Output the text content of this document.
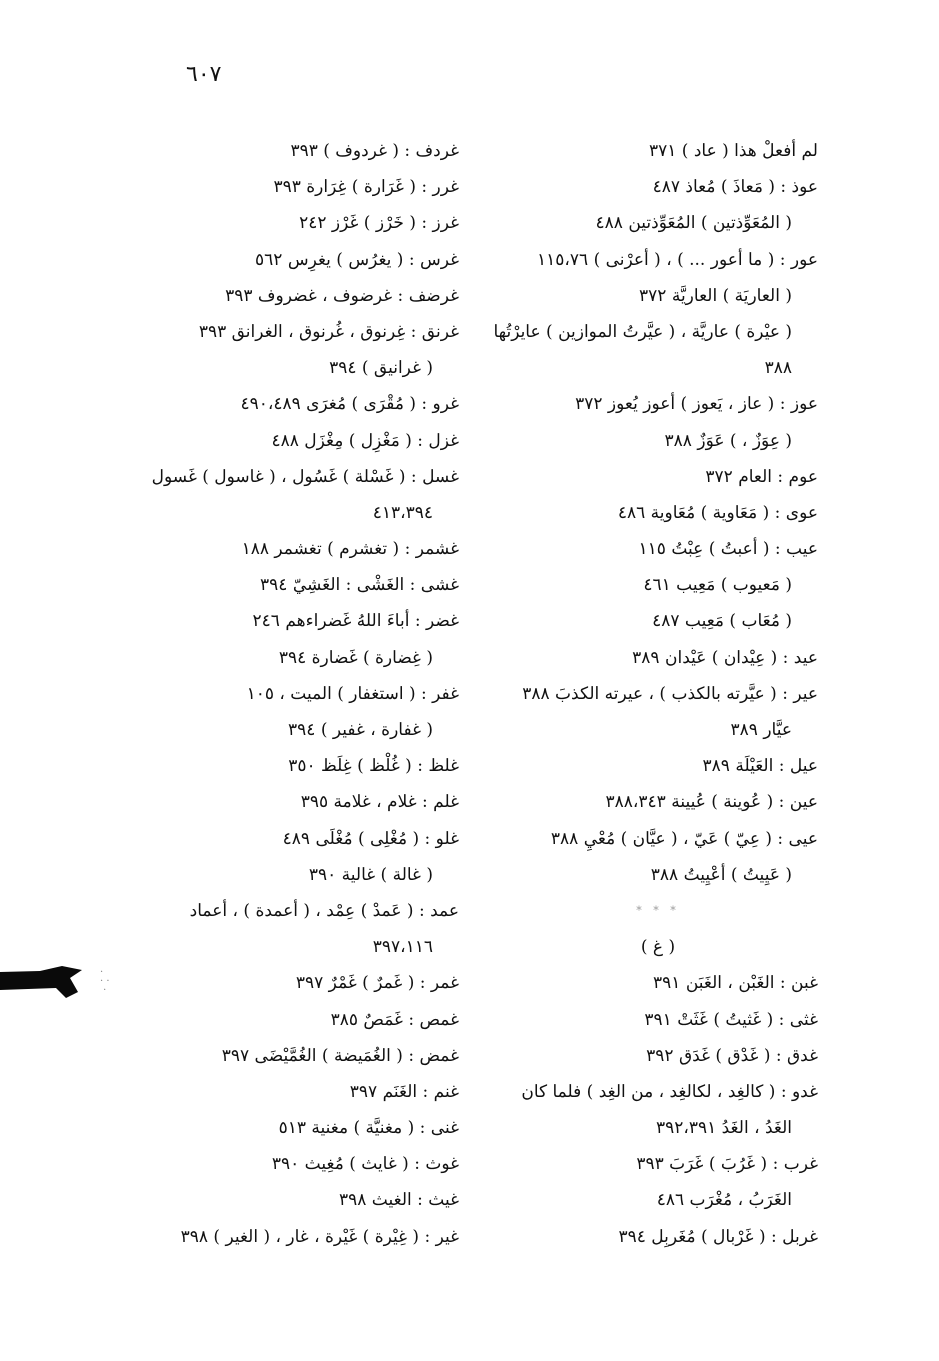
٦٠٧
لم أفعلْ هذا ( عاد ) ٣٧١
عوذ : ( مَعاذَ ) مُعاذ ٤٨٧
( المُعَوِّذتين ) المُعَوِّذتين ٤٨٨
عور : ( ما أعور ... ) ، ( أعرْنى ) ١١٥،٧٦
( العاريَة ) العاريَّة ٣٧٢
( عيْرة ) عاريَّة ، ( عيَّرتُ الموازين ) عايرْتُها
٣٨٨
عوز : ( عاز ، يَعوز ) أعوز يُعوز ٣٧٢
( عِوَزٌ ، ) عَوَزٌ ٣٨٨
عوم : العام ٣٧٢
عوى : ( مَعَاوية ) مُعَاوية ٤٨٦
عيب : ( أعبتُ ) عِبْتُ ١١٥
( مَعيوب ) مَعِيب ٤٦١
( مُعَاب ) مَعِيب ٤٨٧
عيد : ( عِيْدان ) عَيْدان ٣٨٩
عير : ( عيَّرته بالكذب ) ، عيرته الكذبَ ٣٨٨
عيَّار ٣٨٩
عيل : العَيْلَة ٣٨٩
عين : ( عُوينة ) عُيينة ٣٨٨،٣٤٣
عيى : ( عِيّ ) عَيّ ، ( عيَّان ) مُعْيِ ٣٨٨
( عَيِيتُ ) أعْيِيتُ ٣٨٨
* * *
( غ )
غبن : الغَبْن ، الغَبَن ٣٩١
غثى : ( غَثيتُ ) غَثَتْ ٣٩١
غدق : ( غَدْق ) غَدَق ٣٩٢
غدو : ( كالغِد ، لكالغِد ، من الغِد ) فلما كان
الغَدُ ، الغَدُ ٣٩٢،٣٩١
غرب : ( غَرُبَ ) غَرَبَ ٣٩٣
الغَرَبُ ، مُغْرَب ٤٨٦
غربل : ( غَرْبال ) مُغَربِل ٣٩٤
غردف : ( غردوف ) ٣٩٣
غرر : ( غَرَارة ) غِرَارة ٣٩٣
غرز : ( خَرْز ) غَرْز ٢٤٢
غرس : ( يغرُس ) يغرِس ٥٦٢
غرضف : غرضوف ، غضروف ٣٩٣
غرنق : غِرنوق ، غُرنوق ، الغرانق ٣٩٣
( غرانيق ) ٣٩٤
غرو : ( مُقْرَى ) مُغرَى ٤٩٠،٤٨٩
غزل : ( مَغْزِل ) مِغْزَل ٤٨٨
غسل : ( غَسْلة ) غَسُول ، ( غاسول ) غَسول
٤١٣،٣٩٤
غشمر : ( تغشرم ) تغشمر ١٨٨
غشى : الغَشْى : الغَشِيّ ٣٩٤
غضر : أباءَ اللهُ غَضراءهم ٢٤٦
( غِضارة ) غَضارة ٣٩٤
غفر : ( استغفار ) الميت ، ١٠٥
( غفارة ، غفير ) ٣٩٤
غلظ : ( غُلْظ ) غِلَظ ٣٥٠
غلم : غلام ، غلامة ٣٩٥
غلو : ( مُغْلِى ) مُغْلَى ٤٨٩
( غالة ) غالية ٣٩٠
عمد : ( عَمدْ ) عِمْد ، ( أعمدة ) ، أعماد
٣٩٧،١١٦
غمر : ( غَمرٌ ) غَمْرٌ ٣٩٧
غمص : غَمَصٌ ٣٨٥
غمض : ( الغُمَيضة ) الغُمَّيْضَى ٣٩٧
غنم : الغَنَم ٣٩٧
غنى : ( مغنيَّة ) مغنية ٥١٣
غوث : ( غايث ) مُغِيث ٣٩٠
غيث : الغيث ٣٩٨
غير : ( غِيْرة ) غَيْرة ، غار ، ( الغير ) ٣٩٨
·
· ·
·
